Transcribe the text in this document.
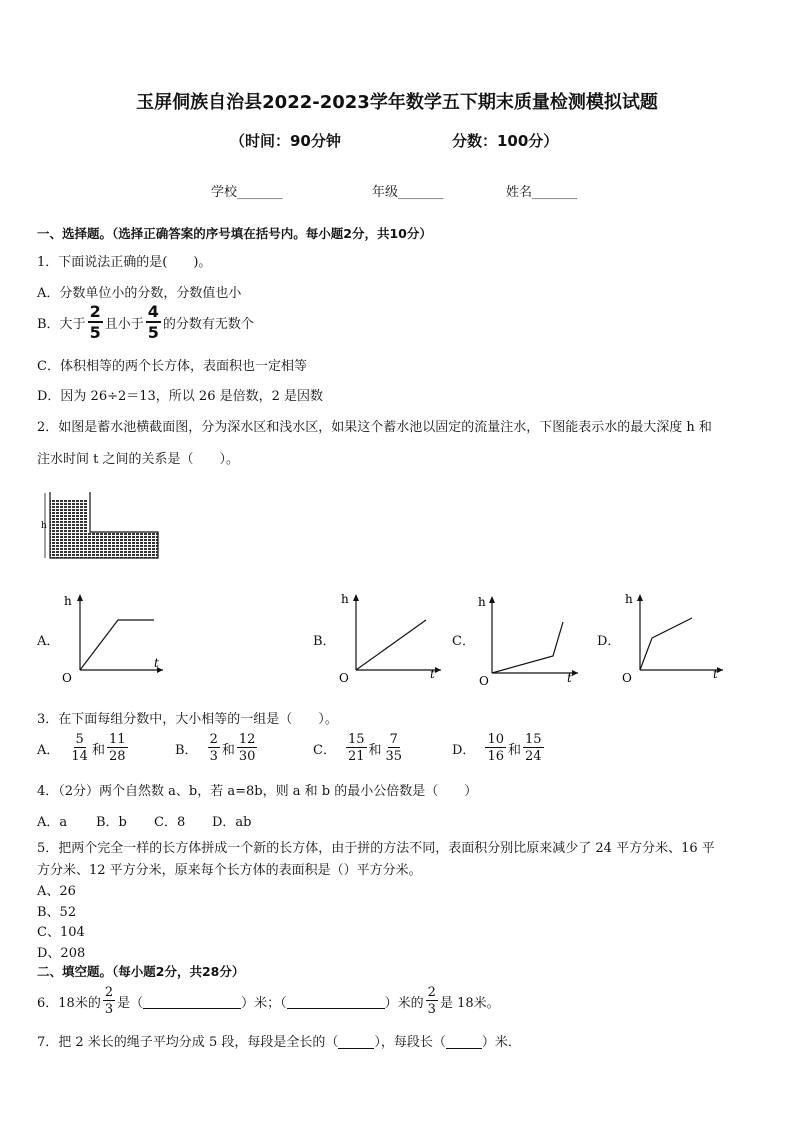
玉屏侗族自治县2022-2023学年数学五下期末质量检测模拟试题
（时间：90分钟	分数：100分）
学校_______	年级_______	姓名_______
一、选择题。（选择正确答案的序号填在括号内。每小题2分，共10分）
1．下面说法正确的是(　　)。
A．分数单位小的分数，分数值也小
B．大于 $\frac{2}{5}$ 且小于 $\frac{4}{5}$ 的分数有无数个
C．体积相等的两个长方体，表面积也一定相等
D．因为 26÷2＝13，所以 26 是倍数，2 是因数
2．如图是蓄水池横截面图，分为深水区和浅水区，如果这个蓄水池以固定的流量注水，下图能表示水的最大深度 h 和
注水时间 t 之间的关系是（　　）。
h
A．
h
t
O
B．
h
t
O
C．
h
t
O
D．
h
t
O
3．在下面每组分数中，大小相等的一组是（　　）。
A． $\frac{5}{14}$ 和 $\frac{11}{28}$	B． $\frac{2}{3}$ 和 $\frac{12}{30}$	C． $\frac{15}{21}$ 和 $\frac{7}{35}$	D． $\frac{10}{16}$ 和 $\frac{15}{24}$
4．（2分）两个自然数 a、b，若 a=8b，则 a 和 b 的最小公倍数是（　　）
A．a B．b C．8 D．ab
5．把两个完全一样的长方体拼成一个新的长方体，由于拼的方法不同，表面积分别比原来减少了 24 平方分米、16 平
方分米、12 平方分米，原来每个长方体的表面积是（）平方分米。
A、26
B、52
C、104
D、208
二、填空题。（每小题2分，共28分）
6．18米的 $\frac{2}{3}$ 是（
	）米；（
	）米的 $\frac{2}{3}$ 是 18米。
7．把 2 米长的绳子平均分成 5 段，每段是全长的（
	），每段长（
	）米．
